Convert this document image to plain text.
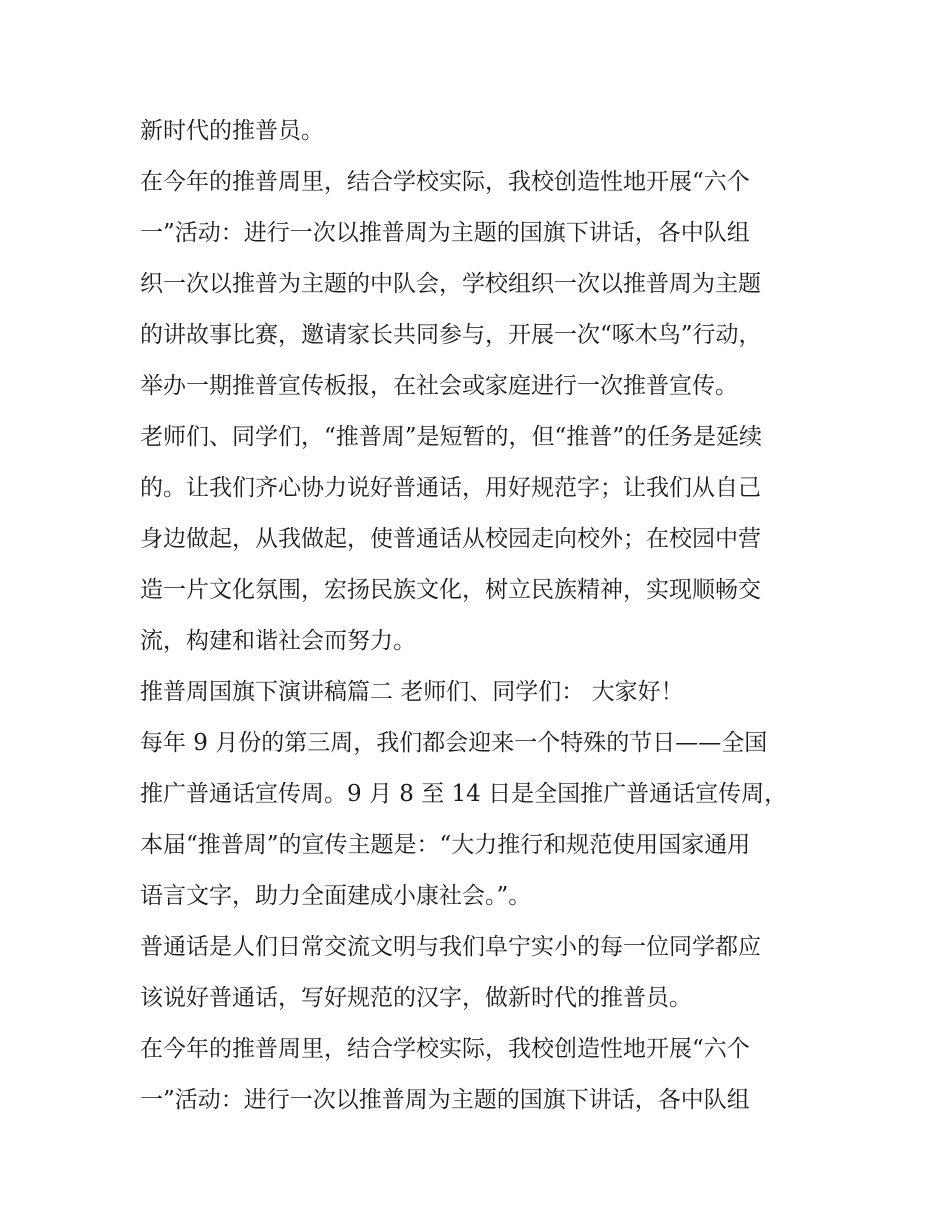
新时代的推普员。
在今年的推普周里，结合学校实际，我校创造性地开展“六个
一”活动：进行一次以推普周为主题的国旗下讲话，各中队组
织一次以推普为主题的中队会，学校组织一次以推普周为主题
的讲故事比赛，邀请家长共同参与，开展一次“啄木鸟”行动，
举办一期推普宣传板报，在社会或家庭进行一次推普宣传。
老师们、同学们，“推普周”是短暂的，但“推普”的任务是延续
的。让我们齐心协力说好普通话，用好规范字；让我们从自己
身边做起，从我做起，使普通话从校园走向校外；在校园中营
造一片文化氛围，宏扬民族文化，树立民族精神，实现顺畅交
流，构建和谐社会而努力。
推普周国旗下演讲稿篇二 老师们、同学们： 大家好！
每年 9 月份的第三周，我们都会迎来一个特殊的节日——全国
推广普通话宣传周。9 月 8 至 14 日是全国推广普通话宣传周，
本届“推普周”的宣传主题是：“大力推行和规范使用国家通用
语言文字，助力全面建成小康社会。”。
普通话是人们日常交流文明与我们阜宁实小的每一位同学都应
该说好普通话，写好规范的汉字，做新时代的推普员。
在今年的推普周里，结合学校实际，我校创造性地开展“六个
一”活动：进行一次以推普周为主题的国旗下讲话，各中队组
